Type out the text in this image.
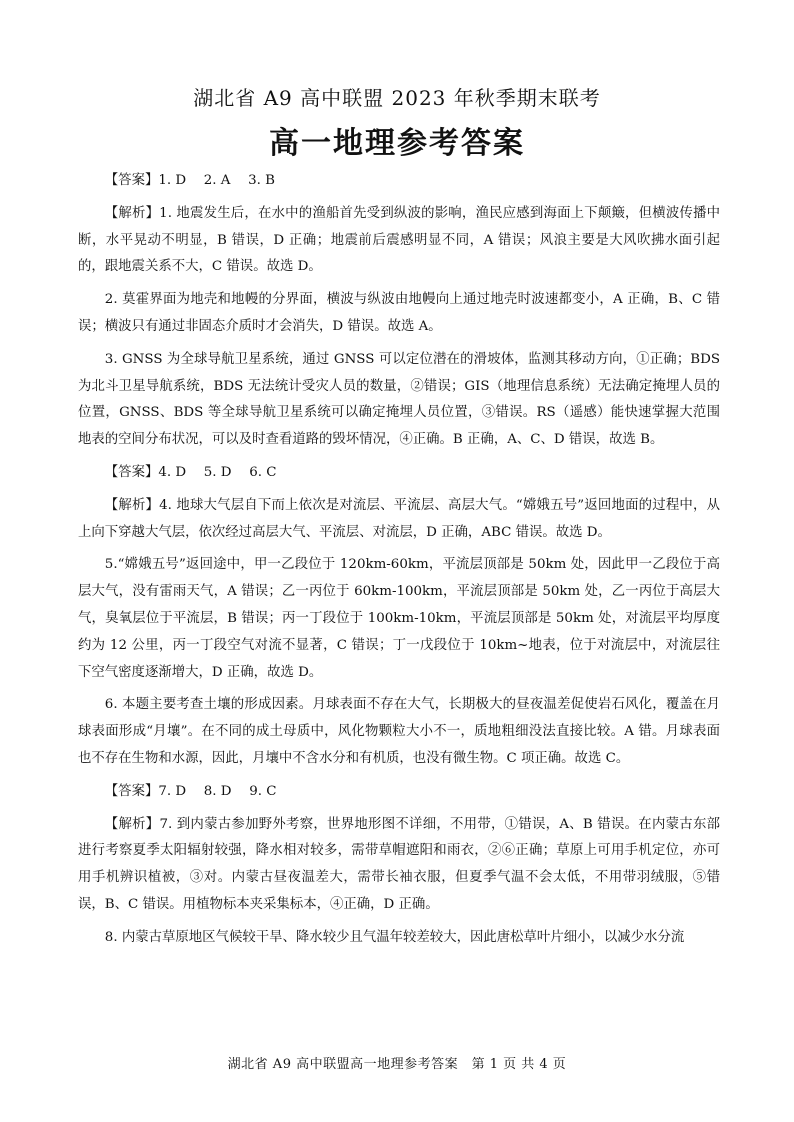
湖北省 A9 高中联盟 2023 年秋季期末联考
高一地理参考答案

【答案】1. D　 2. A　 3. B

【解析】1. 地震发生后，在水中的渔船首先受到纵波的影响，渔民应感到海面上下颠簸，但横波传播中断，水平晃动不明显，B 错误，D 正确；地震前后震感明显不同，A 错误；风浪主要是大风吹拂水面引起的，跟地震关系不大，C 错误。故选 D。

2. 莫霍界面为地壳和地幔的分界面，横波与纵波由地幔向上通过地壳时波速都变小，A 正确，B、C 错误；横波只有通过非固态介质时才会消失，D 错误。故选 A。

3. GNSS 为全球导航卫星系统，通过 GNSS 可以定位潜在的滑坡体，监测其移动方向，①正确；BDS 为北斗卫星导航系统，BDS 无法统计受灾人员的数量，②错误；GIS（地理信息系统）无法确定掩埋人员的位置，GNSS、BDS 等全球导航卫星系统可以确定掩埋人员位置，③错误。RS（遥感）能快速掌握大范围地表的空间分布状况，可以及时查看道路的毁坏情况，④正确。B 正确，A、C、D 错误，故选 B。

【答案】4. D　 5. D　 6. C

【解析】4. 地球大气层自下而上依次是对流层、平流层、高层大气。“嫦娥五号”返回地面的过程中，从上向下穿越大气层，依次经过高层大气、平流层、对流层，D 正确，ABC 错误。故选 D。

5.“嫦娥五号”返回途中，甲一乙段位于 120km-60km，平流层顶部是 50km 处，因此甲一乙段位于高层大气，没有雷雨天气，A 错误；乙一丙位于 60km-100km，平流层顶部是 50km 处，乙一丙位于高层大气，臭氧层位于平流层，B 错误；丙一丁段位于 100km-10km，平流层顶部是 50km 处，对流层平均厚度约为 12 公里，丙一丁段空气对流不显著，C 错误；丁一戊段位于 10km~地表，位于对流层中，对流层往下空气密度逐渐增大，D 正确，故选 D。

6. 本题主要考查土壤的形成因素。月球表面不存在大气，长期极大的昼夜温差促使岩石风化，覆盖在月球表面形成“月壤”。在不同的成土母质中，风化物颗粒大小不一，质地粗细没法直接比较。A 错。月球表面也不存在生物和水源，因此，月壤中不含水分和有机质，也没有微生物。C 项正确。故选 C。

【答案】7. D　 8. D　 9. C

【解析】7. 到内蒙古参加野外考察，世界地形图不详细，不用带，①错误，A、B 错误。在内蒙古东部进行考察夏季太阳辐射较强，降水相对较多，需带草帽遮阳和雨衣，②⑥正确；草原上可用手机定位，亦可用手机辨识植被，③对。内蒙古昼夜温差大，需带长袖衣服，但夏季气温不会太低，不用带羽绒服，⑤错误，B、C 错误。用植物标本夹采集标本，④正确，D 正确。

8. 内蒙古草原地区气候较干旱、降水较少且气温年较差较大，因此唐松草叶片细小，以减少水分流

湖北省 A9 高中联盟高一地理参考答案　第 1 页 共 4 页
